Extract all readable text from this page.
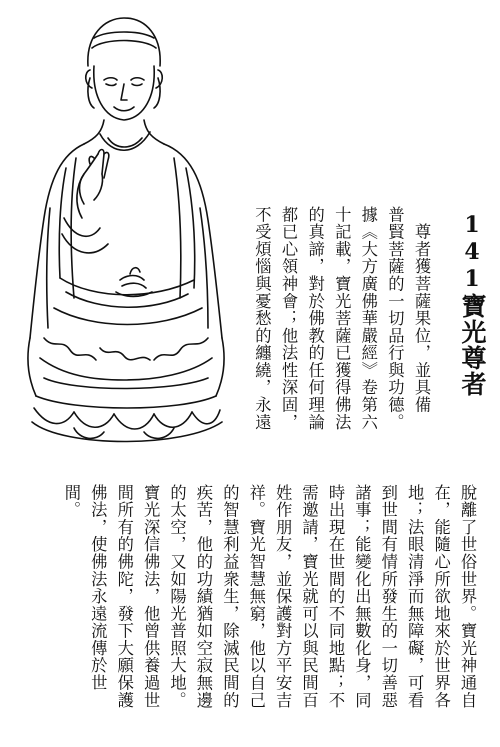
141寶光尊者
　尊者獲菩薩果位，並具備
普賢菩薩的一切品行與功德。
據《大方廣佛華嚴經》卷第六
十記載，寶光菩薩已獲得佛法
的真諦，對於佛教的任何理論
都已心領神會；他法性深固，
不受煩惱與憂愁的纏繞，永遠
脫離了世俗世界。寶光神通自
在，能隨心所欲地來於世界各
地；法眼清淨而無障礙，可看
到世間有情所發生的一切善惡
諸事；能變化出無數化身，同
時出現在世間的不同地點；不
需邀請，寶光就可以與民間百
姓作朋友，並保護對方平安吉
祥。寶光智慧無窮，他以自己
的智慧利益衆生，除滅民間的
疾苦，他的功績猶如空寂無邊
的太空，又如陽光普照大地。
寶光深信佛法，他曾供養過世
間所有的佛陀，發下大願保護
佛法，使佛法永遠流傳於世
間。
